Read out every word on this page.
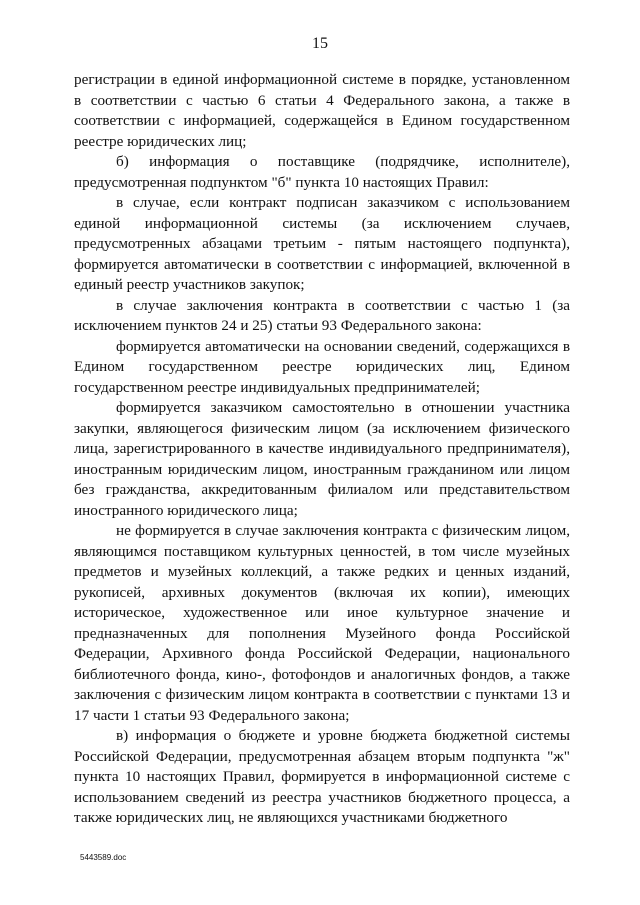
15

регистрации в единой информационной системе в порядке, установленном в соответствии с частью 6 статьи 4 Федерального закона, а также в соответствии с информацией, содержащейся в Едином государственном реестре юридических лиц;

б) информация о поставщике (подрядчике, исполнителе), предусмотренная подпунктом "б" пункта 10 настоящих Правил:

в случае, если контракт подписан заказчиком с использованием единой информационной системы (за исключением случаев, предусмотренных абзацами третьим - пятым настоящего подпункта), формируется автоматически в соответствии с информацией, включенной в единый реестр участников закупок;

в случае заключения контракта в соответствии с частью 1 (за исключением пунктов 24 и 25) статьи 93 Федерального закона:

формируется автоматически на основании сведений, содержащихся в Едином государственном реестре юридических лиц, Едином государственном реестре индивидуальных предпринимателей;

формируется заказчиком самостоятельно в отношении участника закупки, являющегося физическим лицом (за исключением физического лица, зарегистрированного в качестве индивидуального предпринимателя), иностранным юридическим лицом, иностранным гражданином или лицом без гражданства, аккредитованным филиалом или представительством иностранного юридического лица;

не формируется в случае заключения контракта с физическим лицом, являющимся поставщиком культурных ценностей, в том числе музейных предметов и музейных коллекций, а также редких и ценных изданий, рукописей, архивных документов (включая их копии), имеющих историческое, художественное или иное культурное значение и предназначенных для пополнения Музейного фонда Российской Федерации, Архивного фонда Российской Федерации, национального библиотечного фонда, кино-, фотофондов и аналогичных фондов, а также заключения с физическим лицом контракта в соответствии с пунктами 13 и 17 части 1 статьи 93 Федерального закона;

в) информация о бюджете и уровне бюджета бюджетной системы Российской Федерации, предусмотренная абзацем вторым подпункта "ж" пункта 10 настоящих Правил, формируется в информационной системе с использованием сведений из реестра участников бюджетного процесса, а также юридических лиц, не являющихся участниками бюджетного

5443589.doc
